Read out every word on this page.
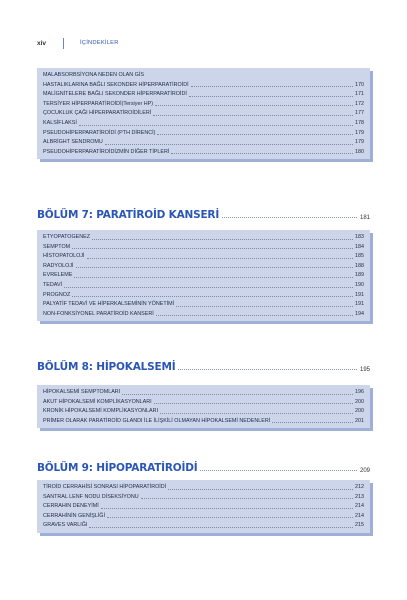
xiv	İÇİNDEKİLER
MALABSORBSİYONA NEDEN OLAN GİS
HASTALIKLARINA BAĞLI SEKONDER HİPERPARATİROİDİ	170
MALİGNİTELERE BAĞLI SEKONDER HİPERPARATİROİDİ	171
TERSİYER HİPERPARATİROİDİ(Tersiyer HP)	172
ÇOCUKLUK ÇAĞI HİPERPARATİROİDİLERİ	177
KALSİFLAKSİ	178
PSEUDOHİPERPARATİROİDİ (PTH DİRENCİ)	179
ALBRİGHT SENDROMU	179
PSEUDOHİPERPARATİROİDİZMİN DİĞER TİPLERİ	180
BÖLÜM 7: PARATİROİD KANSERİ	181
ETYOPATOGENEZ	183
SEMPTOM	184
HİSTOPATOLOJİ	185
RADYOLOJİ	188
EVRELEME	189
TEDAVİ	190
PROGNOZ	191
PALYATİF TEDAVİ VE HİPERKALSEMİNİN YÖNETİMİ	191
NON-FONKSİYONEL PARATİROİD KANSERİ	194
BÖLÜM 8: HİPOKALSEMİ	195
HİPOKALSEMİ SEMPTOMLARI	196
AKUT HİPOKALSEMİ KOMPLİKASYONLARI	200
KRONİK HİPOKALSEMİ KOMPLİKASYONLARI	200
PRİMER OLARAK PARATİROİD GLANDI İLE İLİŞKİLİ OLMAYAN HİPOKALSEMİ NEDENLERİ	201
BÖLÜM 9: HİPOPARATİROİDİ	209
TİROİD CERRAHİSİ SONRASI HİPOPARATİROİDİ	212
SANTRAL LENF NODU DİSEKSİYONU	213
CERRAHIN DENEYİMİ	214
CERRAHİNİN GENİŞLİĞİ	214
GRAVES VARLIĞI	215
